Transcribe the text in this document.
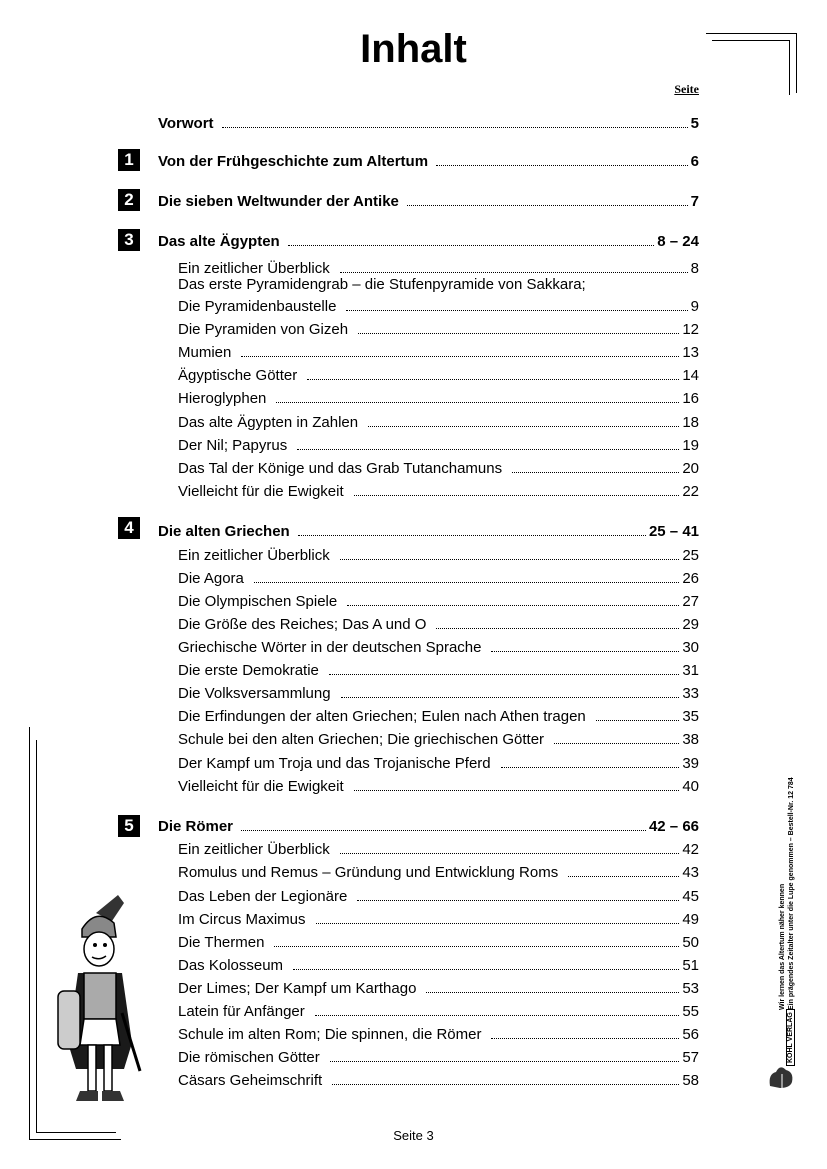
Inhalt
Seite
Vorwort	5
1	Von der Frühgeschichte zum Altertum	6
2	Die sieben Weltwunder der Antike	7
3	Das alte Ägypten	8 – 24
Ein zeitlicher Überblick	8
Das erste Pyramidengrab – die Stufenpyramide von Sakkara;
Die Pyramidenbaustelle	9
Die Pyramiden von Gizeh	12
Mumien	13
Ägyptische Götter	14
Hieroglyphen	16
Das alte Ägypten in Zahlen	18
Der Nil; Papyrus	19
Das Tal der Könige und das Grab Tutanchamuns	20
Vielleicht für die Ewigkeit	22
4	Die alten Griechen	25 – 41
Ein zeitlicher Überblick	25
Die Agora	26
Die Olympischen Spiele	27
Die Größe des Reiches; Das A und O	29
Griechische Wörter in der deutschen Sprache	30
Die erste Demokratie	31
Die Volksversammlung	33
Die Erfindungen der alten Griechen; Eulen nach Athen tragen	35
Schule bei den alten Griechen; Die griechischen Götter	38
Der Kampf um Troja und das Trojanische Pferd	39
Vielleicht für die Ewigkeit	40
5	Die Römer	42 – 66
Ein zeitlicher Überblick	42
Romulus und Remus – Gründung und Entwicklung Roms	43
Das Leben der Legionäre	45
Im Circus Maximus	49
Die Thermen	50
Das Kolosseum	51
Der Limes; Der Kampf um Karthago	53
Latein für Anfänger	55
Schule im alten Rom; Die spinnen, die Römer	56
Die römischen Götter	57
Cäsars Geheimschrift	58
Wir lernen das Altertum näher kennen Ein prägendes Zeitalter unter die Lupe genommen – Bestell-Nr. 12 784
KOHL VERLAG
Seite 3
